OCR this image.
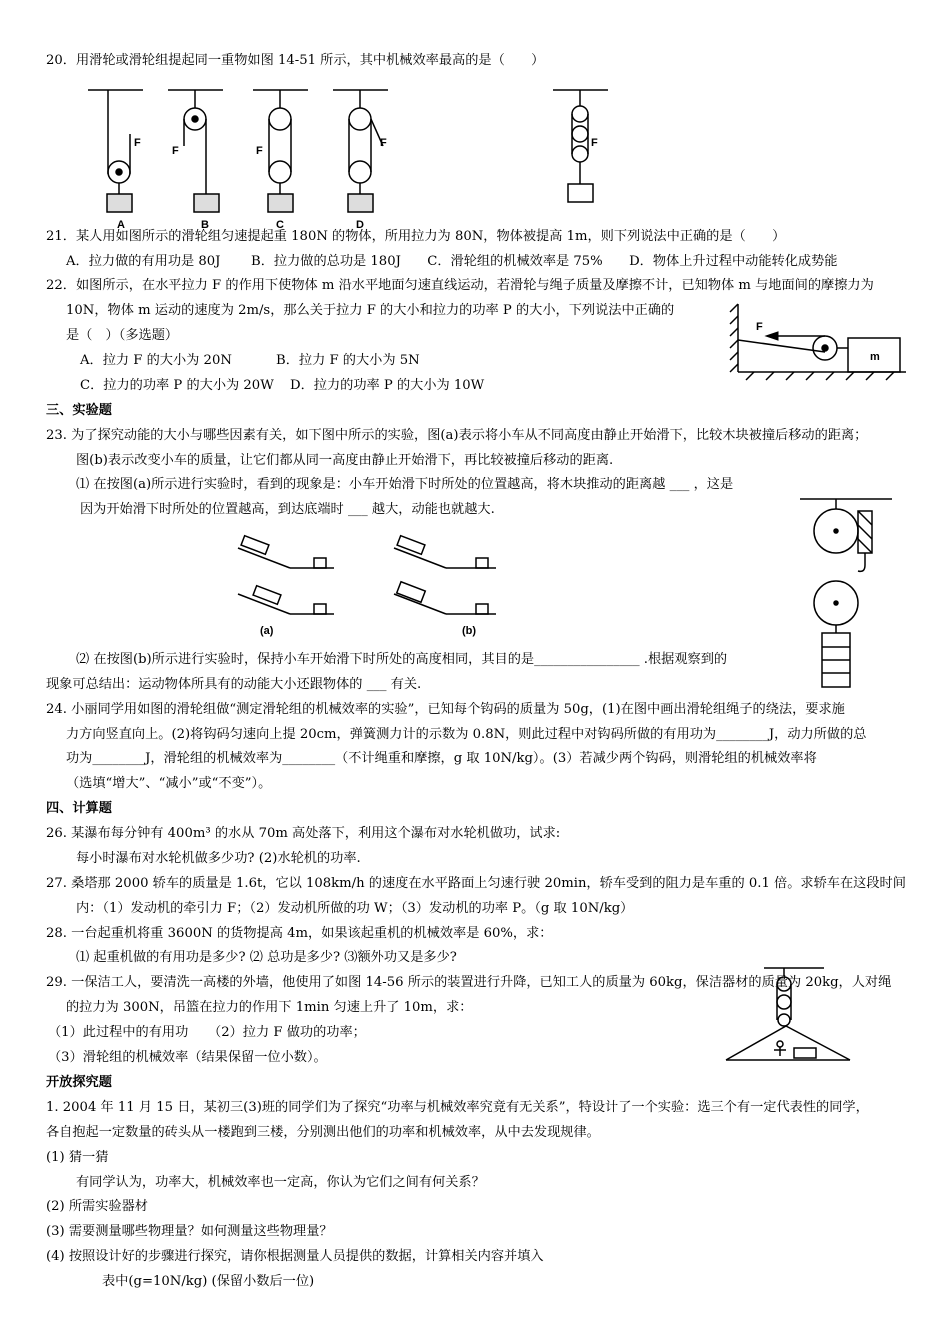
20．用滑轮或滑轮组提起同一重物如图 14-51 所示，其中机械效率最高的是（　　）
A
F
B
F
C
F
D
F	F
21．某人用如图所示的滑轮组匀速提起重 180N 的物体，所用拉力为 80N，物体被提高 1m，则下列说法中正确的是（　　）
A．拉力做的有用功是 80J　　 B．拉力做的总功是 180J　　C．滑轮组的机械效率是 75%　　D．物体上升过程中动能转化成势能
22．如图所示，在水平拉力 F 的作用下使物体 m 沿水平地面匀速直线运动，若滑轮与绳子质量及摩擦不计，已知物体 m 与地面间的摩擦力为
10N，物体 m 运动的速度为 2m/s，那么关于拉力 F 的大小和拉力的功率 P 的大小，下列说法中正确的
是（　）（多选题）
A．拉力 F 的大小为 20N	B．拉力 F 的大小为 5N
C．拉力的功率 P 的大小为 20W D．拉力的功率 P 的大小为 10W
F
m
三、实验题
23. 为了探究动能的大小与哪些因素有关，如下图中所示的实验，图(a)表示将小车从不同高度由静止开始滑下，比较木块被撞后移动的距离；
图(b)表示改变小车的质量，让它们都从同一高度由静止开始滑下，再比较被撞后移动的距离.
⑴ 在按图(a)所示进行实验时，看到的现象是：小车开始滑下时所处的位置越高，将木块推动的距离越 ___ ，这是
因为开始滑下时所处的位置越高，到达底端时 ___ 越大，动能也就越大.
(a)	(b)
⑵ 在按图(b)所示进行实验时，保持小车开始滑下时所处的高度相同，其目的是________________ .根据观察到的
现象可总结出：运动物体所具有的动能大小还跟物体的 ___ 有关.
24. 小丽同学用如图的滑轮组做“测定滑轮组的机械效率的实验”，已知每个钩码的质量为 50g，(1)在图中画出滑轮组绳子的绕法，要求施
力方向竖直向上。(2)将钩码匀速向上提 20cm，弹簧测力计的示数为 0.8N，则此过程中对钩码所做的有用功为________J，动力所做的总
功为________J，滑轮组的机械效率为________（不计绳重和摩擦，g 取 10N/kg）。(3）若减少两个钩码，则滑轮组的机械效率将
（选填“增大”、“减小”或“不变”）。
四、计算题
26. 某瀑布每分钟有 400m³ 的水从 70m 高处落下，利用这个瀑布对水轮机做功，试求:
每小时瀑布对水轮机做多少功? (2)水轮机的功率.
27. 桑塔那 2000 轿车的质量是 1.6t，它以 108km/h 的速度在水平路面上匀速行驶 20min，轿车受到的阻力是车重的 0.1 倍。求轿车在这段时间
内：（1）发动机的牵引力 F；（2）发动机所做的功 W；（3）发动机的功率 P。（g 取 10N/kg）
28. 一台起重机将重 3600N 的货物提高 4m，如果该起重机的机械效率是 60%，求：
⑴ 起重机做的有用功是多少? ⑵ 总功是多少? ⑶额外功又是多少?
29. 一保洁工人，要清洗一高楼的外墙，他使用了如图 14-56 所示的装置进行升降，已知工人的质量为 60kg，保洁器材的质量为 20kg，人对绳
的拉力为 300N，吊篮在拉力的作用下 1min 匀速上升了 10m，求：
（1）此过程中的有用功　　（2）拉力 F 做功的功率；
（3）滑轮组的机械效率（结果保留一位小数）。
开放探究题
1. 2004 年 11 月 15 日，某初三(3)班的同学们为了探究“功率与机械效率究竟有无关系”，特设计了一个实验：选三个有一定代表性的同学，
各自抱起一定数量的砖头从一楼跑到三楼，分别测出他们的功率和机械效率，从中去发现规律。
(1) 猜一猜
有同学认为，功率大，机械效率也一定高，你认为它们之间有何关系？
(2) 所需实验器材
(3) 需要测量哪些物理量？如何测量这些物理量？
(4) 按照设计好的步骤进行探究，请你根据测量人员提供的数据，计算相关内容并填入
表中(g=10N/kg) (保留小数后一位)
